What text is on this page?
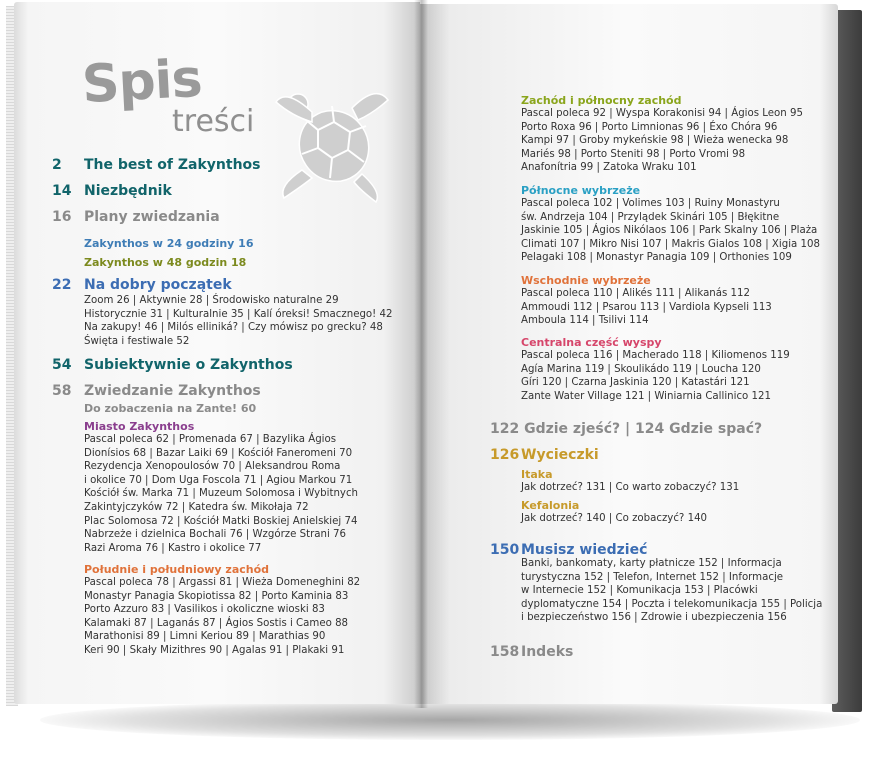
Spis
treści
2 The best of Zakynthos
14 Niezbędnik
16 Plany zwiedzania
Zakynthos w 24 godziny 16
Zakynthos w 48 godzin 18
22 Na dobry początek
Zoom 26 | Aktywnie 28 | Środowisko naturalne 29
Historycznie 31 | Kulturalnie 35 | Kalí óreksi! Smacznego! 42
Na zakupy! 46 | Milós elliniká? | Czy mówisz po grecku? 48
Święta i festiwale 52
54 Subiektywnie o Zakynthos
58 Zwiedzanie Zakynthos
Do zobaczenia na Zante! 60
Miasto Zakynthos
Pascal poleca 62 | Promenada 67 | Bazylika Ágios
Dionísios 68 | Bazar Laiki 69 | Kościół Faneromeni 70
Rezydencja Xenopoulosów 70 | Aleksandrou Roma
i okolice 70 | Dom Uga Foscola 71 | Agiou Markou 71
Kościół św. Marka 71 | Muzeum Solomosa i Wybitnych
Zakintyjczyków 72 | Katedra św. Mikołaja 72
Plac Solomosa 72 | Kościół Matki Boskiej Anielskiej 74
Nabrzeże i dzielnica Bochali 76 | Wzgórze Strani 76
Razi Aroma 76 | Kastro i okolice 77
Południe i południowy zachód
Pascal poleca 78 | Argassi 81 | Wieża Domeneghini 82
Monastyr Panagia Skopiotissa 82 | Porto Kaminia 83
Porto Azzuro 83 | Vasilikos i okoliczne wioski 83
Kalamaki 87 | Laganás 87 | Ágios Sostis i Cameo 88
Marathonisi 89 | Limni Keriou 89 | Marathias 90
Keri 90 | Skały Mizithres 90 | Agalas 91 | Plakaki 91
Zachód i północny zachód
Pascal poleca 92 | Wyspa Korakonisi 94 | Ágios Leon 95
Porto Roxa 96 | Porto Limnionas 96 | Éxo Chóra 96
Kampi 97 | Groby mykeńskie 98 | Wieża wenecka 98
Mariés 98 | Porto Steniti 98 | Porto Vromi 98
Anafonítria 99 | Zatoka Wraku 101
Północne wybrzeże
Pascal poleca 102 | Volimes 103 | Ruiny Monastyru
św. Andrzeja 104 | Przylądek Skinári 105 | Błękitne
Jaskinie 105 | Ágios Nikólaos 106 | Park Skalny 106 | Plaża
Climati 107 | Mikro Nisi 107 | Makris Gialos 108 | Xigia 108
Pelagaki 108 | Monastyr Panagia 109 | Orthonies 109
Wschodnie wybrzeże
Pascal poleca 110 | Alikés 111 | Alikanás 112
Ammoudi 112 | Psarou 113 | Vardiola Kypseli 113
Amboula 114 | Tsilivi 114
Centralna część wyspy
Pascal poleca 116 | Macherado 118 | Kiliomenos 119
Agía Marina 119 | Skoulikádo 119 | Loucha 120
Gíri 120 | Czarna Jaskinia 120 | Katastári 121
Zante Water Village 121 | Winiarnia Callinico 121
122 Gdzie zjeść? | 124 Gdzie spać?
126 Wycieczki
Itaka
Jak dotrzeć? 131 | Co warto zobaczyć? 131
Kefalonia
Jak dotrzeć? 140 | Co zobaczyć? 140
150 Musisz wiedzieć
Banki, bankomaty, karty płatnicze 152 | Informacja
turystyczna 152 | Telefon, Internet 152 | Informacje
w Internecie 152 | Komunikacja 153 | Placówki
dyplomatyczne 154 | Poczta i telekomunikacja 155 | Policja
i bezpieczeństwo 156 | Zdrowie i ubezpieczenia 156
158 Indeks
